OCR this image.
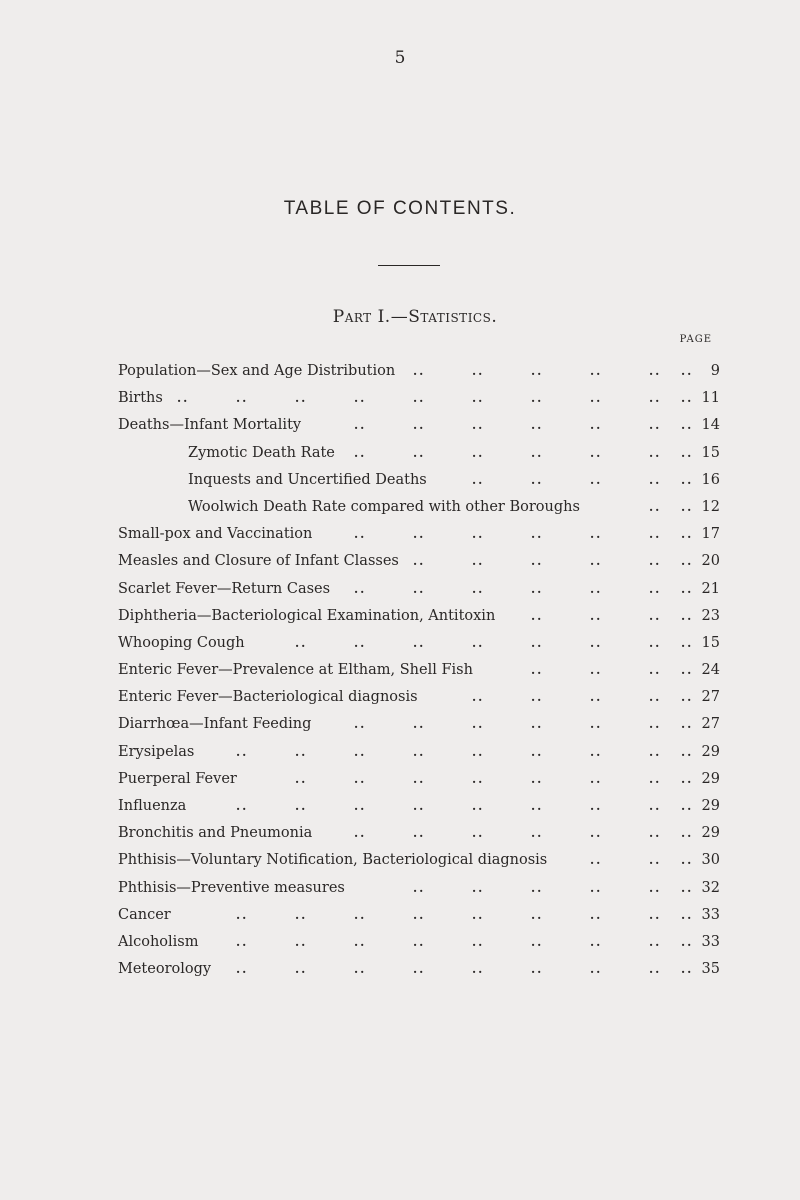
5
TABLE OF CONTENTS.
Part I.—Statistics.
PAGE
Population—Sex and Age Distribution ․․	․․	․․	․․	․․ ․․	9
Births ․․	․․	․․	․․	․․	․․	․․	․․	․․ ․․ 11
Deaths—Infant Mortality	․․	․․	․․	․․	․․	․․ ․․ 14
Zymotic Death Rate ․․	․․	․․	․․	․․	․․ ․․ 15
Inquests and Uncertified Deaths	․․	․․	․․	․․ ․․ 16
Woolwich Death Rate compared with other Boroughs	․․ ․․ 12
Small-pox and Vaccination	․․	․․	․․	․․	․․	․․ ․․ 17
Measles and Closure of Infant Classes ․․	․․	․․	․․	․․ ․․ 20
Scarlet Fever—Return Cases ․․	․․	․․	․․	․․	․․ ․․ 21
Diphtheria—Bacteriological Examination, Antitoxin	․․	․․	․․ ․․ 23
Whooping Cough	․․	․․	․․	․․	․․	․․	․․ ․․ 15
Enteric Fever—Prevalence at Eltham, Shell Fish	․․	․․	․․ ․․ 24
Enteric Fever—Bacteriological diagnosis	․․	․․	․․	․․ ․․ 27
Diarrhœa—Infant Feeding	․․	․․	․․	․․	․․	․․ ․․ 27
Erysipelas	․․	․․	․․	․․	․․	․․	․․	․․ ․․ 29
Puerperal Fever	․․	․․	․․	․․	․․	․․	․․ ․․ 29
Influenza	․․	․․	․․	․․	․․	․․	․․	․․ ․․ 29
Bronchitis and Pneumonia	․․	․․	․․	․․	․․	․․ ․․ 29
Phthisis—Voluntary Notification, Bacteriological diagnosis	․․	․․ ․․ 30
Phthisis—Preventive measures	․․	․․	․․	․․	․․ ․․ 32
Cancer	․․	․․	․․	․․	․․	․․	․․	․․ ․․ 33
Alcoholism	․․	․․	․․	․․	․․	․․	․․	․․ ․․ 33
Meteorology ․․	․․	․․	․․	․․	․․	․․	․․ ․․ 35
